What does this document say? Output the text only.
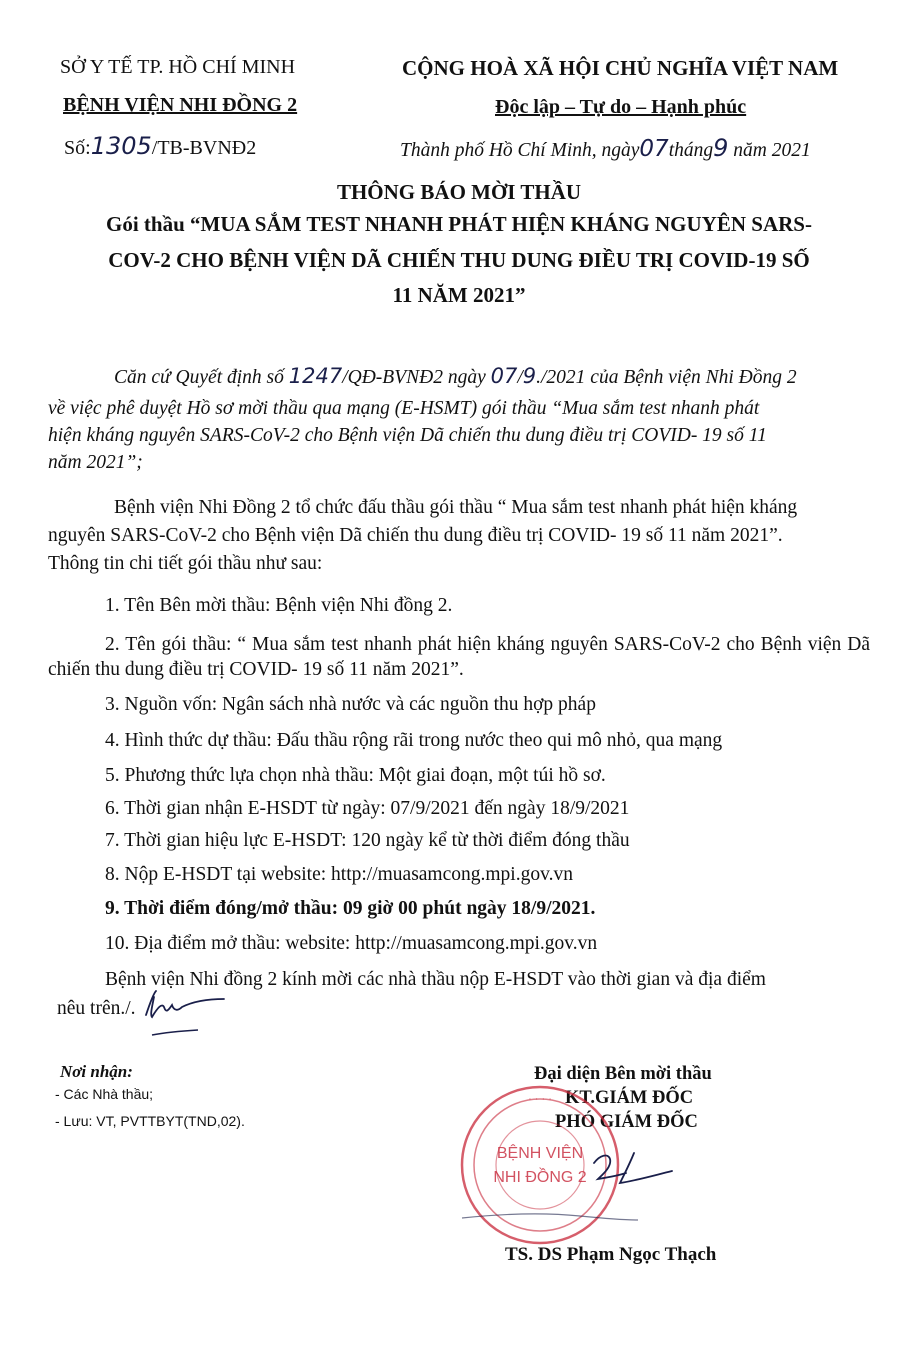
SỞ Y TẾ TP. HỒ CHÍ MINH
BỆNH VIỆN NHI ĐỒNG 2
Số:1305/TB-BVNĐ2
CỘNG HOÀ XÃ HỘI CHỦ NGHĨA VIỆT NAM
Độc lập – Tự do – Hạnh phúc
Thành phố Hồ Chí Minh, ngày07tháng9 năm 2021
THÔNG BÁO MỜI THẦU
Gói thầu “MUA SẮM TEST NHANH PHÁT HIỆN KHÁNG NGUYÊN SARS-
COV-2 CHO BỆNH VIỆN DÃ CHIẾN THU DUNG ĐIỀU TRỊ COVID-19 SỐ
11 NĂM 2021”
Căn cứ Quyết định số 1247/QĐ-BVNĐ2 ngày 07/9./2021 của Bệnh viện Nhi Đồng 2
về việc phê duyệt Hồ sơ mời thầu qua mạng (E-HSMT) gói thầu “Mua sắm test nhanh phát
hiện kháng nguyên SARS-CoV-2 cho Bệnh viện Dã chiến thu dung điều trị COVID- 19 số 11
năm 2021”;
Bệnh viện Nhi Đồng 2 tổ chức đấu thầu gói thầu “ Mua sắm test nhanh phát hiện kháng
nguyên SARS-CoV-2 cho Bệnh viện Dã chiến thu dung điều trị COVID- 19 số 11 năm 2021”.
Thông tin chi tiết gói thầu như sau:
1. Tên Bên mời thầu: Bệnh viện Nhi đồng 2.
2. Tên gói thầu: “ Mua sắm test nhanh phát hiện kháng nguyên SARS-CoV-2 cho Bệnh viện Dã chiến thu dung điều trị COVID- 19 số 11 năm 2021”.
3. Nguồn vốn: Ngân sách nhà nước và các nguồn thu hợp pháp
4. Hình thức dự thầu: Đấu thầu rộng rãi trong nước theo qui mô nhỏ, qua mạng
5. Phương thức lựa chọn nhà thầu: Một giai đoạn, một túi hồ sơ.
6. Thời gian nhận E-HSDT từ ngày: 07/9/2021 đến ngày 18/9/2021
7. Thời gian hiệu lực E-HSDT: 120 ngày kể từ thời điểm đóng thầu
8. Nộp E-HSDT tại website: http://muasamcong.mpi.gov.vn
9. Thời điểm đóng/mở thầu: 09 giờ 00 phút ngày 18/9/2021.
10. Địa điểm mở thầu: website: http://muasamcong.mpi.gov.vn
Bệnh viện Nhi đồng 2 kính mời các nhà thầu nộp E-HSDT vào thời gian và địa điểm
nêu trên./.
Nơi nhận:
- Các Nhà thầu;
- Lưu: VT, PVTTBYT(TND,02).
Đại diện Bên mời thầu
KT.GIÁM ĐỐC
PHÓ GIÁM ĐỐC
BỆNH VIỆN
NHI ĐỒNG 2
· · · ·
TS. DS Phạm Ngọc Thạch
